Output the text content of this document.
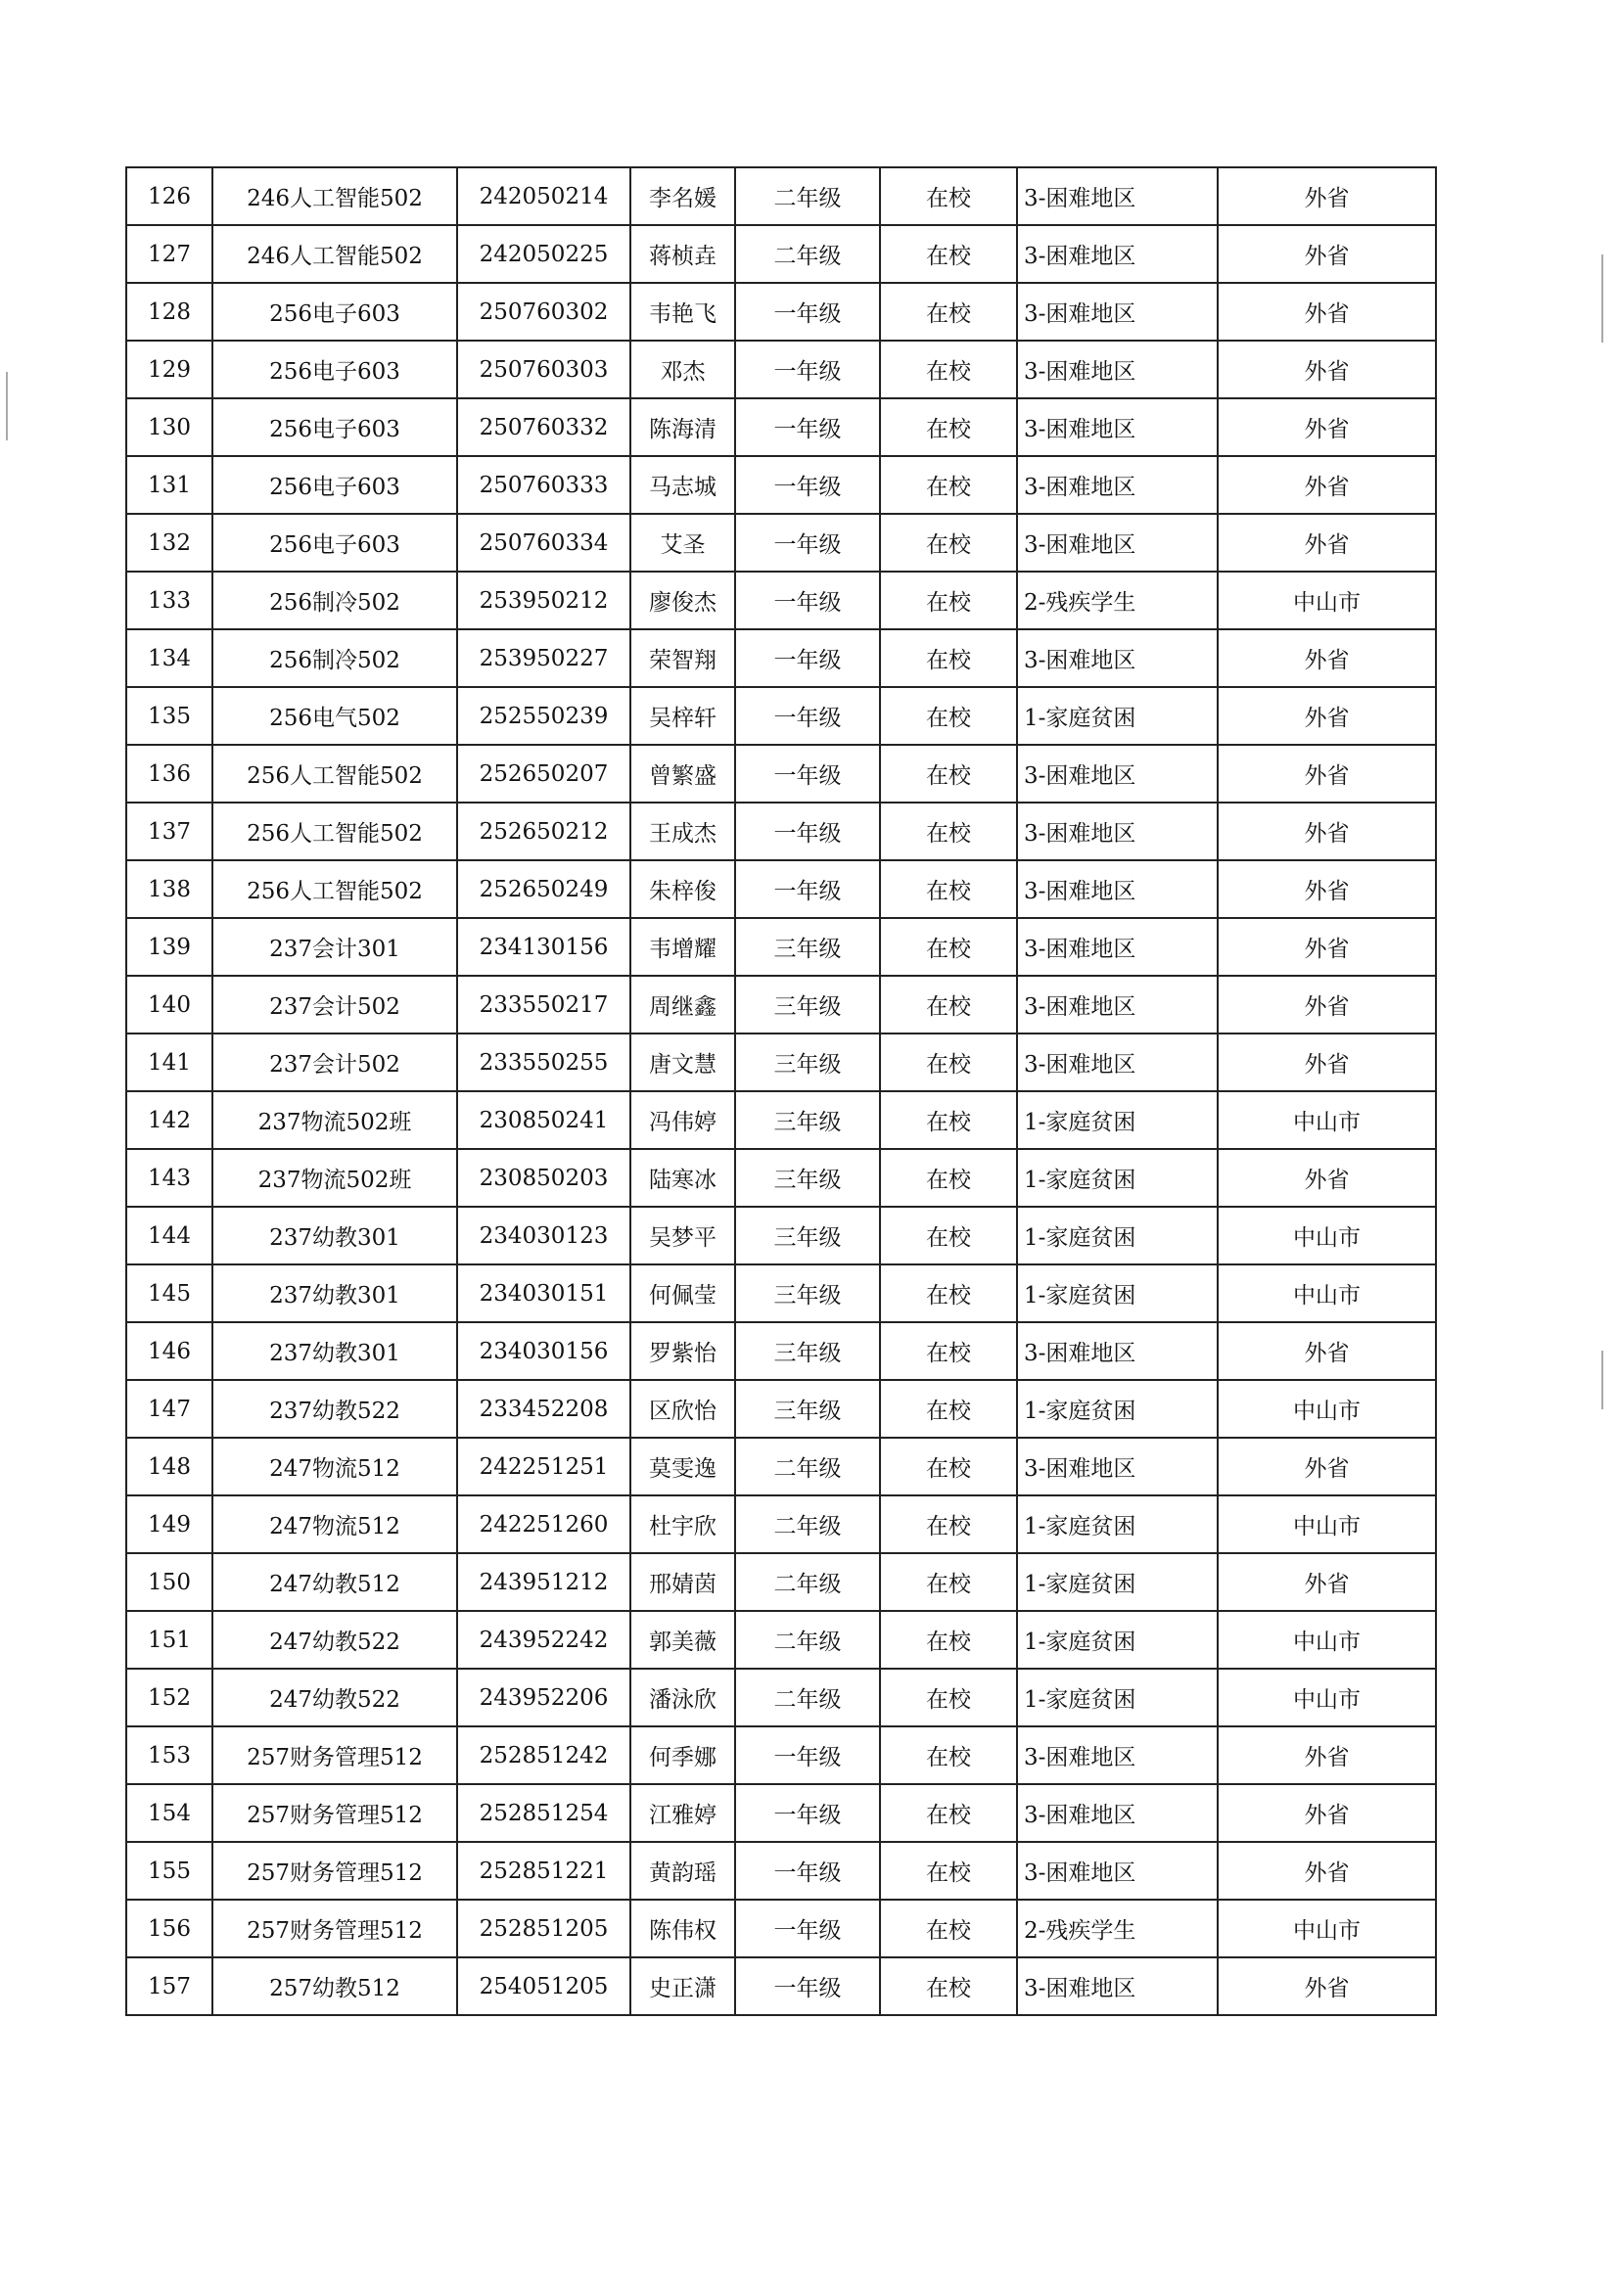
126	246人工智能502	242050214	李名媛	二年级	在校	3-困难地区	外省
127	246人工智能502	242050225	蒋桢垚	二年级	在校	3-困难地区	外省
128	256电子603	250760302	韦艳飞	一年级	在校	3-困难地区	外省
129	256电子603	250760303	邓杰	一年级	在校	3-困难地区	外省
130	256电子603	250760332	陈海清	一年级	在校	3-困难地区	外省
131	256电子603	250760333	马志城	一年级	在校	3-困难地区	外省
132	256电子603	250760334	艾圣	一年级	在校	3-困难地区	外省
133	256制冷502	253950212	廖俊杰	一年级	在校	2-残疾学生	中山市
134	256制冷502	253950227	荣智翔	一年级	在校	3-困难地区	外省
135	256电气502	252550239	吴梓轩	一年级	在校	1-家庭贫困	外省
136	256人工智能502	252650207	曾繁盛	一年级	在校	3-困难地区	外省
137	256人工智能502	252650212	王成杰	一年级	在校	3-困难地区	外省
138	256人工智能502	252650249	朱梓俊	一年级	在校	3-困难地区	外省
139	237会计301	234130156	韦增耀	三年级	在校	3-困难地区	外省
140	237会计502	233550217	周继鑫	三年级	在校	3-困难地区	外省
141	237会计502	233550255	唐文慧	三年级	在校	3-困难地区	外省
142	237物流502班	230850241	冯伟婷	三年级	在校	1-家庭贫困	中山市
143	237物流502班	230850203	陆寒冰	三年级	在校	1-家庭贫困	外省
144	237幼教301	234030123	吴梦平	三年级	在校	1-家庭贫困	中山市
145	237幼教301	234030151	何佩莹	三年级	在校	1-家庭贫困	中山市
146	237幼教301	234030156	罗紫怡	三年级	在校	3-困难地区	外省
147	237幼教522	233452208	区欣怡	三年级	在校	1-家庭贫困	中山市
148	247物流512	242251251	莫雯逸	二年级	在校	3-困难地区	外省
149	247物流512	242251260	杜宇欣	二年级	在校	1-家庭贫困	中山市
150	247幼教512	243951212	邢婧茵	二年级	在校	1-家庭贫困	外省
151	247幼教522	243952242	郭美薇	二年级	在校	1-家庭贫困	中山市
152	247幼教522	243952206	潘泳欣	二年级	在校	1-家庭贫困	中山市
153	257财务管理512	252851242	何季娜	一年级	在校	3-困难地区	外省
154	257财务管理512	252851254	江雅婷	一年级	在校	3-困难地区	外省
155	257财务管理512	252851221	黄韵瑶	一年级	在校	3-困难地区	外省
156	257财务管理512	252851205	陈伟权	一年级	在校	2-残疾学生	中山市
157	257幼教512	254051205	史正潇	一年级	在校	3-困难地区	外省
